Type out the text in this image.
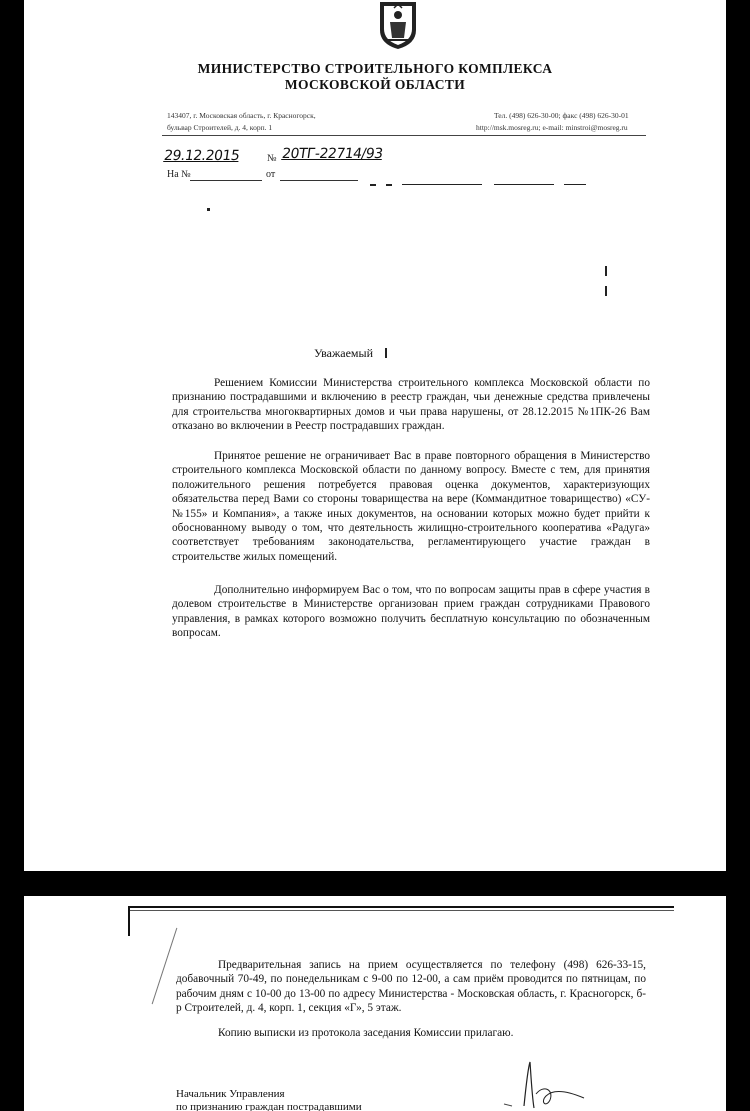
МИНИСТЕРСТВО СТРОИТЕЛЬНОГО КОМПЛЕКСА
МОСКОВСКОЙ ОБЛАСТИ
143407, г. Московская область, г. Красногорск,
бульвар Строителей, д. 4, корп. 1
Тел. (498) 626-30-00; факс (498) 626-30-01
http://msk.mosreg.ru; e-mail: minstroi@mosreg.ru
29.12.2015	№ 20ТГ-22714/93
На №	от
Уважаемый

Решением Комиссии Министерства строительного комплекса Московской области по признанию пострадавшими и включению в реестр граждан, чьи денежные средства привлечены для строительства многоквартирных домов и чьи права нарушены, от 28.12.2015 №1ПК-26 Вам отказано во включении в Реестр пострадавших граждан.

Принятое решение не ограничивает Вас в праве повторного обращения в Министерство строительного комплекса Московской области по данному вопросу. Вместе с тем, для принятия положительного решения потребуется правовая оценка документов, характеризующих обязательства перед Вами со стороны товарищества на вере (Коммандитное товарищество) «СУ-№155» и Компания», а также иных документов, на основании которых можно будет прийти к обоснованному выводу о том, что деятельность жилищно-строительного кооператива «Радуга» соответствует требованиям законодательства, регламентирующего участие граждан в строительстве жилых помещений.

Дополнительно информируем Вас о том, что по вопросам защиты прав в сфере участия в долевом строительстве в Министерстве организован прием граждан сотрудниками Правового управления, в рамках которого возможно получить бесплатную консультацию по обозначенным вопросам.

Предварительная запись на прием осуществляется по телефону (498) 626-33-15, добавочный 70-49, по понедельникам с 9-00 по 12-00, а сам приём проводится по пятницам, по рабочим дням с 10-00 до 13-00 по адресу Министерства - Московская область, г. Красногорск, б-р Строителей, д. 4, корп. 1, секция «Г», 5 этаж.

Копию выписки из протокола заседания Комиссии прилагаю.

Начальник Управления
по признанию граждан пострадавшими
